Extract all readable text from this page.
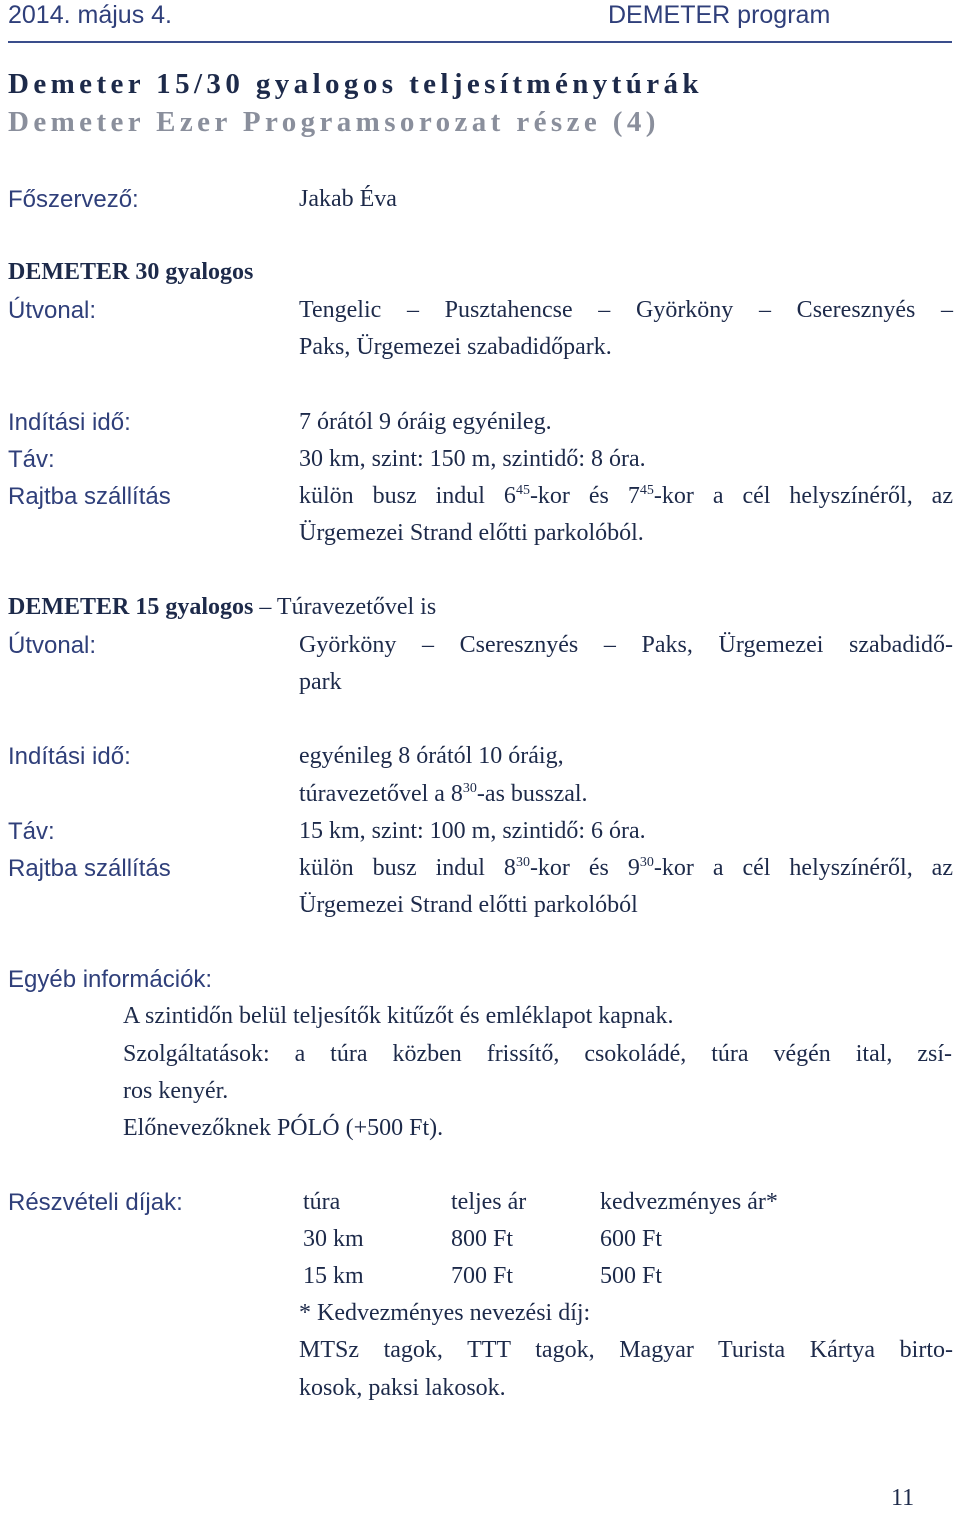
2014. május 4.	DEMETER program
Demeter 15/30 gyalogos teljesítménytúrák
Demeter Ezer Programsorozat része (4)
Főszervező:	Jakab Éva
DEMETER 30 gyalogos
Útvonal:	Tengelic – Pusztahencse – Györköny – Cseresznyés –
Paks, Ürgemezei szabadidőpark.
Indítási idő:	7 órától 9 óráig egyénileg.
Táv:	30 km, szint: 150 m, szintidő: 8 óra.
Rajtba szállítás	külön busz indul $6^{45}$-kor és $7^{45}$-kor a cél helyszínéről, az
Ürgemezei Strand előtti parkolóból.
DEMETER 15 gyalogos – Túravezetővel is
Útvonal:	Györköny – Cseresznyés – Paks, Ürgemezei szabadidő-
park
Indítási idő:	egyénileg 8 órától 10 óráig,
túravezetővel a $8^{30}-as$ busszal.
Táv:	15 km, szint: 100 m, szintidő: 6 óra.
Rajtba szállítás	külön busz indul $8^{30}$-kor és $9^{30}$-kor a cél helyszínéről, az
Ürgemezei Strand előtti parkolóból
Egyéb információk:
A szintidőn belül teljesítők kitűzőt és emléklapot kapnak.
Szolgáltatások: a túra közben frissítő, csokoládé, túra végén ital, zsí-
ros kenyér.
Előnevezőknek PÓLÓ (+500 Ft).
Részvételi díjak:	túra	teljes ár	kedvezményes ár*
30 km	800 Ft	600 Ft
15 km	700 Ft	500 Ft
* Kedvezményes nevezési díj:
MTSz tagok, TTT tagok, Magyar Turista Kártya birto-
kosok, paksi lakosok.
11
